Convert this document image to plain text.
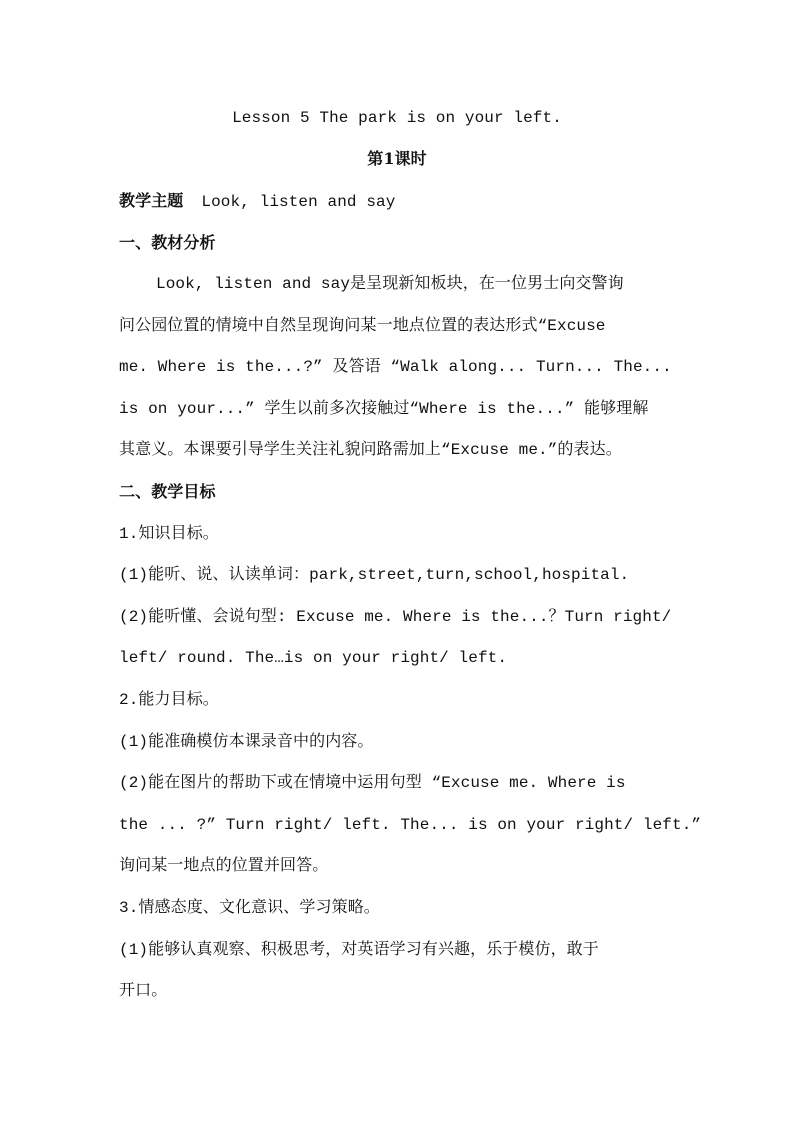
Lesson 5 The park is on your left.
第1课时
教学主题 Look, listen and say
一、教材分析
Look, listen and say是呈现新知板块，在一位男士向交警询
问公园位置的情境中自然呈现询问某一地点位置的表达形式“Excuse
me. Where is the...?” 及答语 “Walk along... Turn... The...
is on your...” 学生以前多次接触过“Where is the...” 能够理解
其意义。本课要引导学生关注礼貌问路需加上“Excuse me.”的表达。
二、教学目标
1.知识目标。
(1)能听、说、认读单词：park,street,turn,school,hospital.
(2)能听懂、会说句型: Excuse me. Where is the...？Turn right/
left/ round. The…is on your right/ left.
2.能力目标。
(1)能准确模仿本课录音中的内容。
(2)能在图片的帮助下或在情境中运用句型 “Excuse me. Where is
the ... ?” Turn right/ left. The... is on your right/ left.”
询问某一地点的位置并回答。
3.情感态度、文化意识、学习策略。
(1)能够认真观察、积极思考，对英语学习有兴趣，乐于模仿，敢于
开口。
